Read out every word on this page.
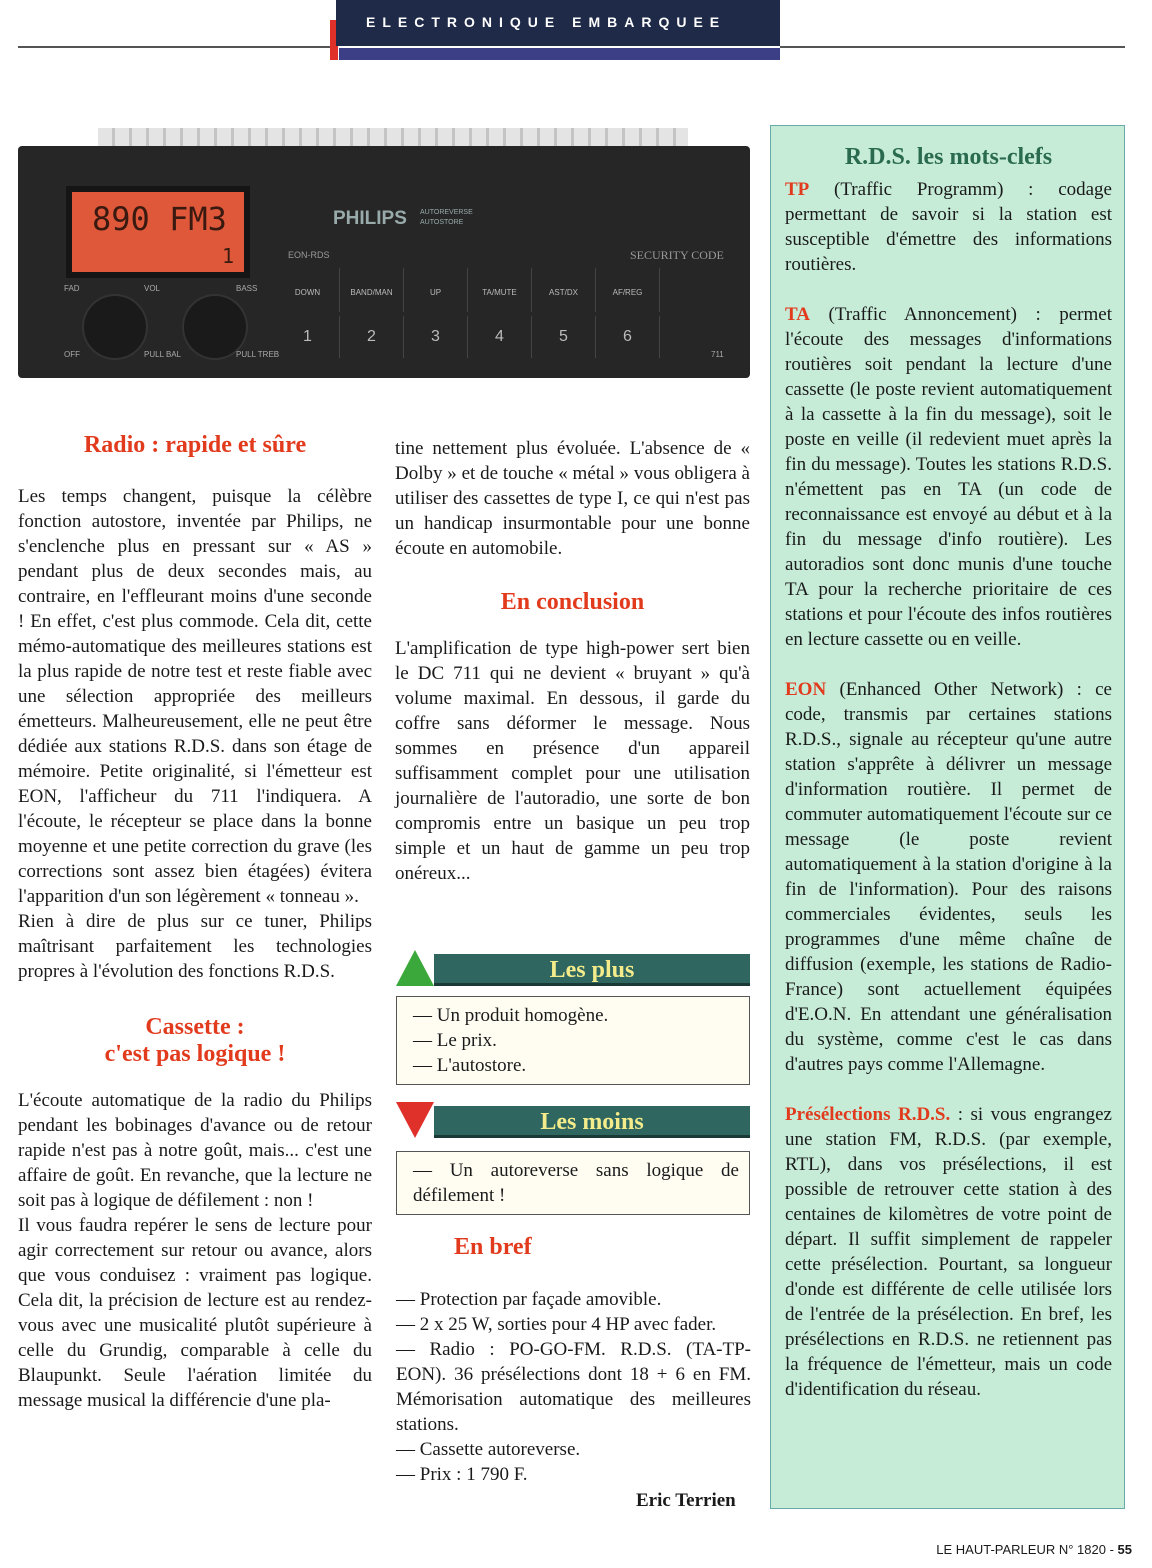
ELECTRONIQUE EMBARQUEE
890 FM3
1
PHILIPS AUTOREVERSE
AUTOSTORE
EON-RDS	SECURITY CODE
FAD	VOL	BASS
OFF	PULL BAL	PULL TREB
DOWN	BAND/MAN	UP	TA/MUTE	AST/DX	AF/REG
1	2	3	4	5	6
711
Radio : rapide et sûre

Les temps changent, puisque la célèbre fonction autostore, inventée par Philips, ne s'enclenche plus en pressant sur « AS » pendant plus de deux secondes mais, au contraire, en l'effleurant moins d'une seconde ! En effet, c'est plus commode. Cela dit, cette mémo-automatique des meilleures stations est la plus rapide de notre test et reste fiable avec une sélection appropriée des meilleurs émetteurs. Malheureusement, elle ne peut être dédiée aux stations R.D.S. dans son étage de mémoire. Petite originalité, si l'émetteur est EON, l'afficheur du 711 l'indiquera. A l'écoute, le récepteur se place dans la bonne moyenne et une petite correction du grave (les corrections sont assez bien étagées) évitera l'apparition d'un son légèrement « tonneau ».

Rien à dire de plus sur ce tuner, Philips maîtrisant parfaitement les technologies propres à l'évolution des fonctions R.D.S.

Cassette :
c'est pas logique !

L'écoute automatique de la radio du Philips pendant les bobinages d'avance ou de retour rapide n'est pas à notre goût, mais... c'est une affaire de goût. En revanche, que la lecture ne soit pas à logique de défilement : non !

Il vous faudra repérer le sens de lecture pour agir correctement sur retour ou avance, alors que vous conduisez : vraiment pas logique. Cela dit, la précision de lecture est au rendez-vous avec une musicalité plutôt supérieure à celle du Grundig, comparable à celle du Blaupunkt. Seule l'aération limitée du message musical la différencie d'une pla-

tine nettement plus évoluée. L'absence de « Dolby » et de touche « métal » vous obligera à utiliser des cassettes de type I, ce qui n'est pas un handicap insurmontable pour une bonne écoute en automobile.

En conclusion

L'amplification de type high-power sert bien le DC 711 qui ne devient « bruyant » qu'à volume maximal. En dessous, il garde du coffre sans déformer le message. Nous sommes en présence d'un appareil suffisamment complet pour une utilisation journalière de l'autoradio, une sorte de bon compromis entre un basique un peu trop simple et un haut de gamme un peu trop onéreux...

Les plus
— Un produit homogène.
— Le prix.
— L'autostore.
Les moins
— Un autoreverse sans logique de défilement !
En bref

— Protection par façade amovible.

— 2 x 25 W, sorties pour 4 HP avec fader.

— Radio : PO-GO-FM. R.D.S. (TA-TP-EON). 36 présélections dont 18 + 6 en FM. Mémorisation automatique des meilleures stations.

— Cassette autoreverse.

— Prix : 1 790 F.

Eric Terrien
R.D.S. les mots-clefs

TP (Traffic Programm) : codage permettant de savoir si la station est susceptible d'émettre des informations routières.

TA (Traffic Annoncement) : permet l'écoute des messages d'informations routières soit pendant la lecture d'une cassette (le poste revient automatiquement à la cassette à la fin du message), soit le poste en veille (il redevient muet après la fin du message). Toutes les stations R.D.S. n'émettent pas en TA (un code de reconnaissance est envoyé au début et à la fin du message d'info routière). Les autoradios sont donc munis d'une touche TA pour la recherche prioritaire de ces stations et pour l'écoute des infos routières en lecture cassette ou en veille.

EON (Enhanced Other Network) : ce code, transmis par certaines stations R.D.S., signale au récepteur qu'une autre station s'apprête à délivrer un message d'information routière. Il permet de commuter automatiquement l'écoute sur ce message (le poste revient automatiquement à la station d'origine à la fin de l'information). Pour des raisons commerciales évidentes, seuls les programmes d'une même chaîne de diffusion (exemple, les stations de Radio-France) sont actuellement équipées d'E.O.N. En attendant une généralisation du système, comme c'est le cas dans d'autres pays comme l'Allemagne.

Présélections R.D.S. : si vous engrangez une station FM, R.D.S. (par exemple, RTL), dans vos présélections, il est possible de retrouver cette station à des centaines de kilomètres de votre point de départ. Il suffit simplement de rappeler cette présélection. Pourtant, sa longueur d'onde est différente de celle utilisée lors de l'entrée de la présélection. En bref, les présélections en R.D.S. ne retiennent pas la fréquence de l'émetteur, mais un code d'identification du réseau.

LE HAUT-PARLEUR N° 1820 - 55
